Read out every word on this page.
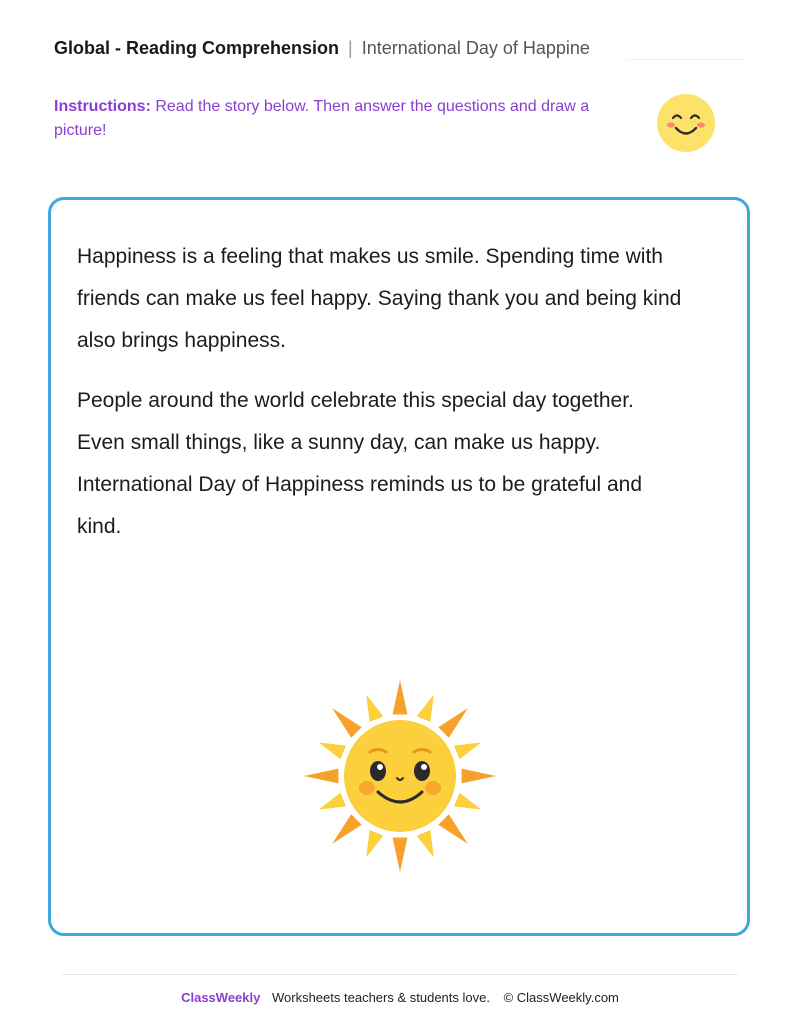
Global - Reading Comprehension | International Day of Happine
Instructions: Read the story below. Then answer the questions and draw a picture!

Happiness is a feeling that makes us smile. Spending time with friends can make us feel happy. Saying thank you and being kind also brings happiness.

People around the world celebrate this special day together. Even small things, like a sunny day, can make us happy. International Day of Happiness reminds us to be grateful and kind.

ClassWeekly Worksheets teachers & students love. © ClassWeekly.com
